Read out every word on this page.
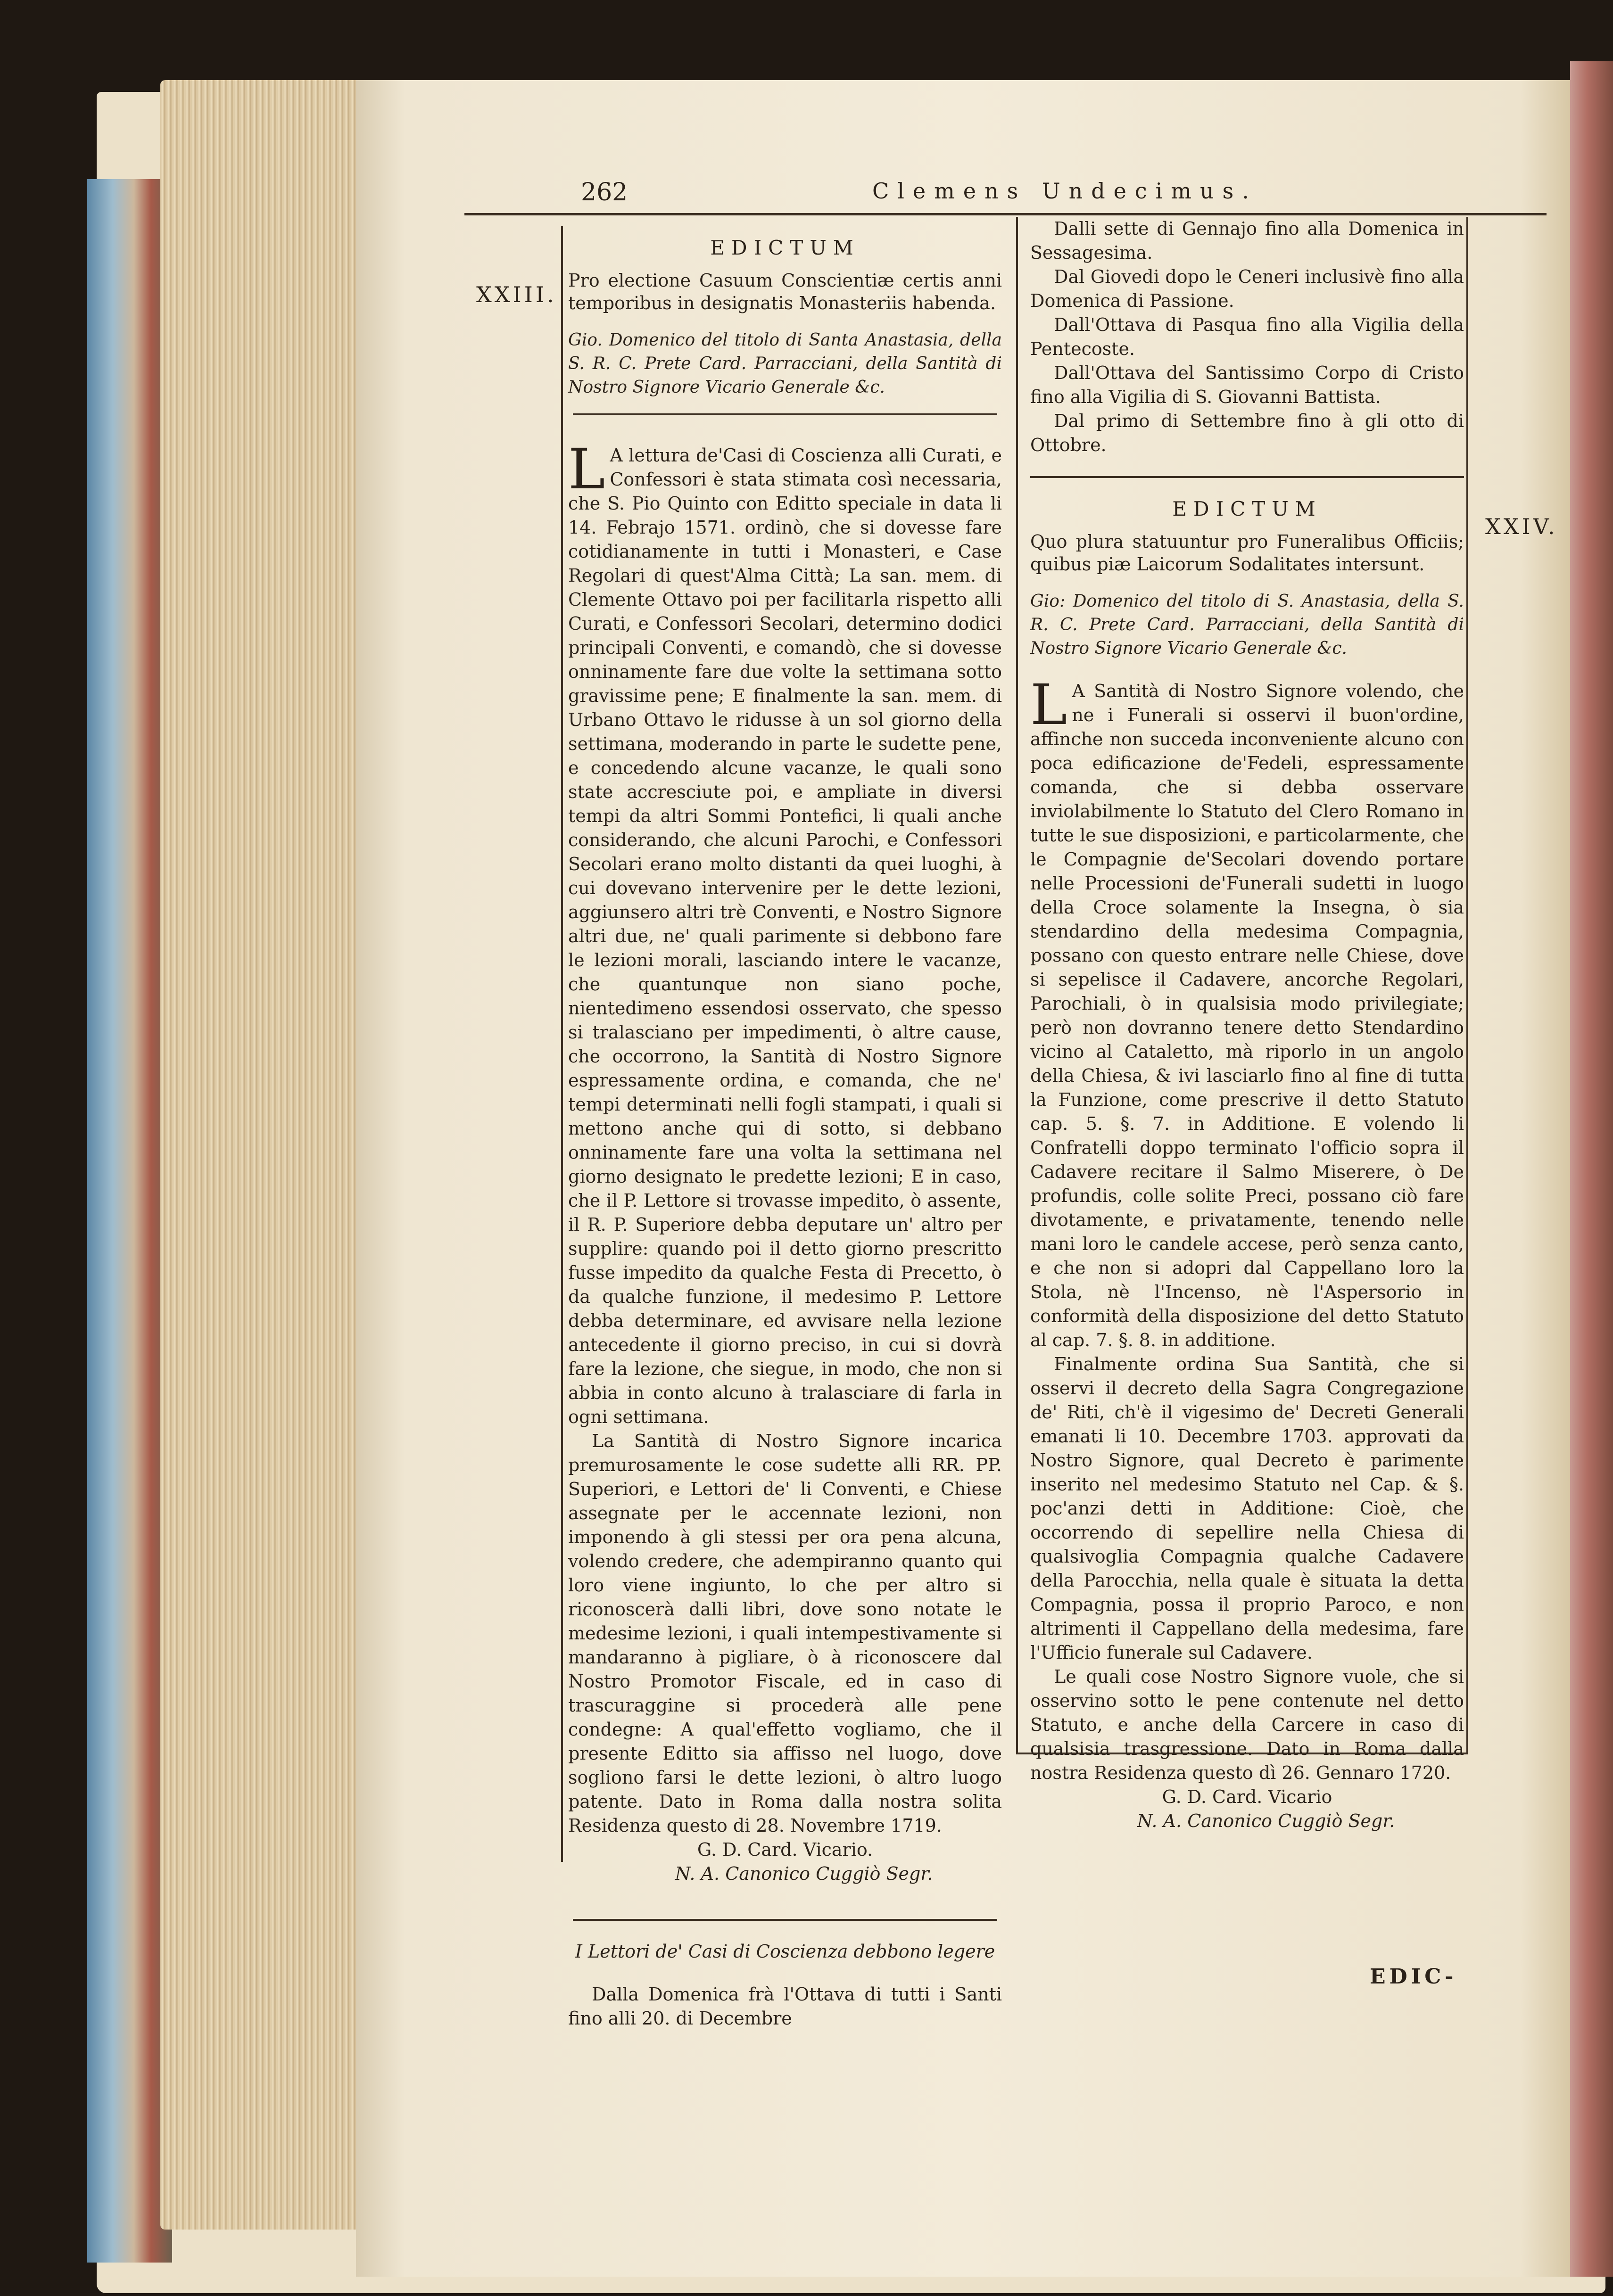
262	Clemens Undecimus.
XXIII.
XXIV.

EDICTUM

Pro electione Casuum Conscientiæ certis anni temporibus in designatis Monasteriis habenda.

Gio. Domenico del titolo di Santa Anastasia, della S. R. C. Prete Card. Parracciani, della Santità di Nostro Signore Vicario Generale &c.

L A lettura de'Casi di Coscienza alli Curati, e Confessori è stata stimata così necessaria, che S. Pio Quinto con Editto speciale in data li 14. Febrajo 1571. ordinò, che si dovesse fare cotidianamente in tutti i Monasteri, e Case Regolari di quest'Alma Città; La san. mem. di Clemente Ottavo poi per facilitarla rispetto alli Curati, e Confessori Secolari, determino dodici principali Conventi, e comandò, che si dovesse onninamente fare due volte la settimana sotto gravissime pene; E finalmente la san. mem. di Urbano Ottavo le ridusse à un sol giorno della settimana, moderando in parte le sudette pene, e concedendo alcune vacanze, le quali sono state accresciute poi, e ampliate in diversi tempi da altri Sommi Pontefici, li quali anche considerando, che alcuni Parochi, e Confessori Secolari erano molto distanti da quei luoghi, à cui dovevano intervenire per le dette lezioni, aggiunsero altri trè Conventi, e Nostro Signore altri due, ne' quali parimente si debbono fare le lezioni morali, lasciando intere le vacanze, che quantunque non siano poche, nientedimeno essendosi osservato, che spesso si tralasciano per impedimenti, ò altre cause, che occorrono, la Santità di Nostro Signore espressamente ordina, e comanda, che ne' tempi determinati nelli fogli stampati, i quali si mettono anche qui di sotto, si debbano onninamente fare una volta la settimana nel giorno designato le predette lezioni; E in caso, che il P. Lettore si trovasse impedito, ò assente, il R. P. Superiore debba deputare un' altro per supplire: quando poi il detto giorno prescritto fusse impedito da qualche Festa di Precetto, ò da qualche funzione, il medesimo P. Lettore debba determinare, ed avvisare nella lezione antecedente il giorno preciso, in cui si dovrà fare la lezione, che siegue, in modo, che non si abbia in conto alcuno à tralasciare di farla in ogni settimana.

La Santità di Nostro Signore incarica premurosamente le cose sudette alli RR. PP. Superiori, e Lettori de' li Conventi, e Chiese assegnate per le accennate lezioni, non imponendo à gli stessi per ora pena alcuna, volendo credere, che adempiranno quanto qui loro viene ingiunto, lo che per altro si riconoscerà dalli libri, dove sono notate le medesime lezioni, i quali intempestivamente si mandaranno à pigliare, ò à riconoscere dal Nostro Promotor Fiscale, ed in caso di trascuraggine si procederà alle pene condegne: A qual'effetto vogliamo, che il presente Editto sia affisso nel luogo, dove sogliono farsi le dette lezioni, ò altro luogo patente. Dato in Roma dalla nostra solita Residenza questo di 28. Novembre 1719.

G. D. Card. Vicario.

N. A. Canonico Cuggiò Segr.

I Lettori de' Casi di Coscienza debbono legere

Dalla Domenica frà l'Ottava di tutti i Santi fino alli 20. di Decembre

Dalli sette di Gennajo fino alla Domenica in Sessagesima.

Dal Giovedi dopo le Ceneri inclusivè fino alla Domenica di Passione.

Dall'Ottava di Pasqua fino alla Vigilia della Pentecoste.

Dall'Ottava del Santissimo Corpo di Cristo fino alla Vigilia di S. Giovanni Battista.

Dal primo di Settembre fino à gli otto di Ottobre.

EDICTUM

Quo plura statuuntur pro Funeralibus Officiis; quibus piæ Laicorum Sodalitates intersunt.

Gio: Domenico del titolo di S. Anastasia, della S. R. C. Prete Card. Parracciani, della Santità di Nostro Signore Vicario Generale &c.

L A Santità di Nostro Signore volendo, che ne i Funerali si osservi il buon'ordine, affinche non succeda inconveniente alcuno con poca edificazione de'Fedeli, espressamente comanda, che si debba osservare inviolabilmente lo Statuto del Clero Romano in tutte le sue disposizioni, e particolarmente, che le Compagnie de'Secolari dovendo portare nelle Processioni de'Funerali sudetti in luogo della Croce solamente la Insegna, ò sia stendardino della medesima Compagnia, possano con questo entrare nelle Chiese, dove si sepelisce il Cadavere, ancorche Regolari, Parochiali, ò in qualsisia modo privilegiate; però non dovranno tenere detto Stendardino vicino al Cataletto, mà riporlo in un angolo della Chiesa, & ivi lasciarlo fino al fine di tutta la Funzione, come prescrive il detto Statuto cap. 5. §. 7. in Additione. E volendo li Confratelli doppo terminato l'officio sopra il Cadavere recitare il Salmo Miserere, ò De profundis, colle solite Preci, possano ciò fare divotamente, e privatamente, tenendo nelle mani loro le candele accese, però senza canto, e che non si adopri dal Cappellano loro la Stola, nè l'Incenso, nè l'Aspersorio in conformità della disposizione del detto Statuto al cap. 7. §. 8. in additione.

Finalmente ordina Sua Santità, che si osservi il decreto della Sagra Congregazione de' Riti, ch'è il vigesimo de' Decreti Generali emanati li 10. Decembre 1703. approvati da Nostro Signore, qual Decreto è parimente inserito nel medesimo Statuto nel Cap. & §. poc'anzi detti in Additione: Cioè, che occorrendo di sepellire nella Chiesa di qualsivoglia Compagnia qualche Cadavere della Parocchia, nella quale è situata la detta Compagnia, possa il proprio Paroco, e non altrimenti il Cappellano della medesima, fare l'Ufficio funerale sul Cadavere.

Le quali cose Nostro Signore vuole, che si osservino sotto le pene contenute nel detto Statuto, e anche della Carcere in caso di qualsisia trasgressione. Dato in Roma dalla nostra Residenza questo dì 26. Gennaro 1720.

G. D. Card. Vicario

N. A. Canonico Cuggiò Segr.

EDIC-
